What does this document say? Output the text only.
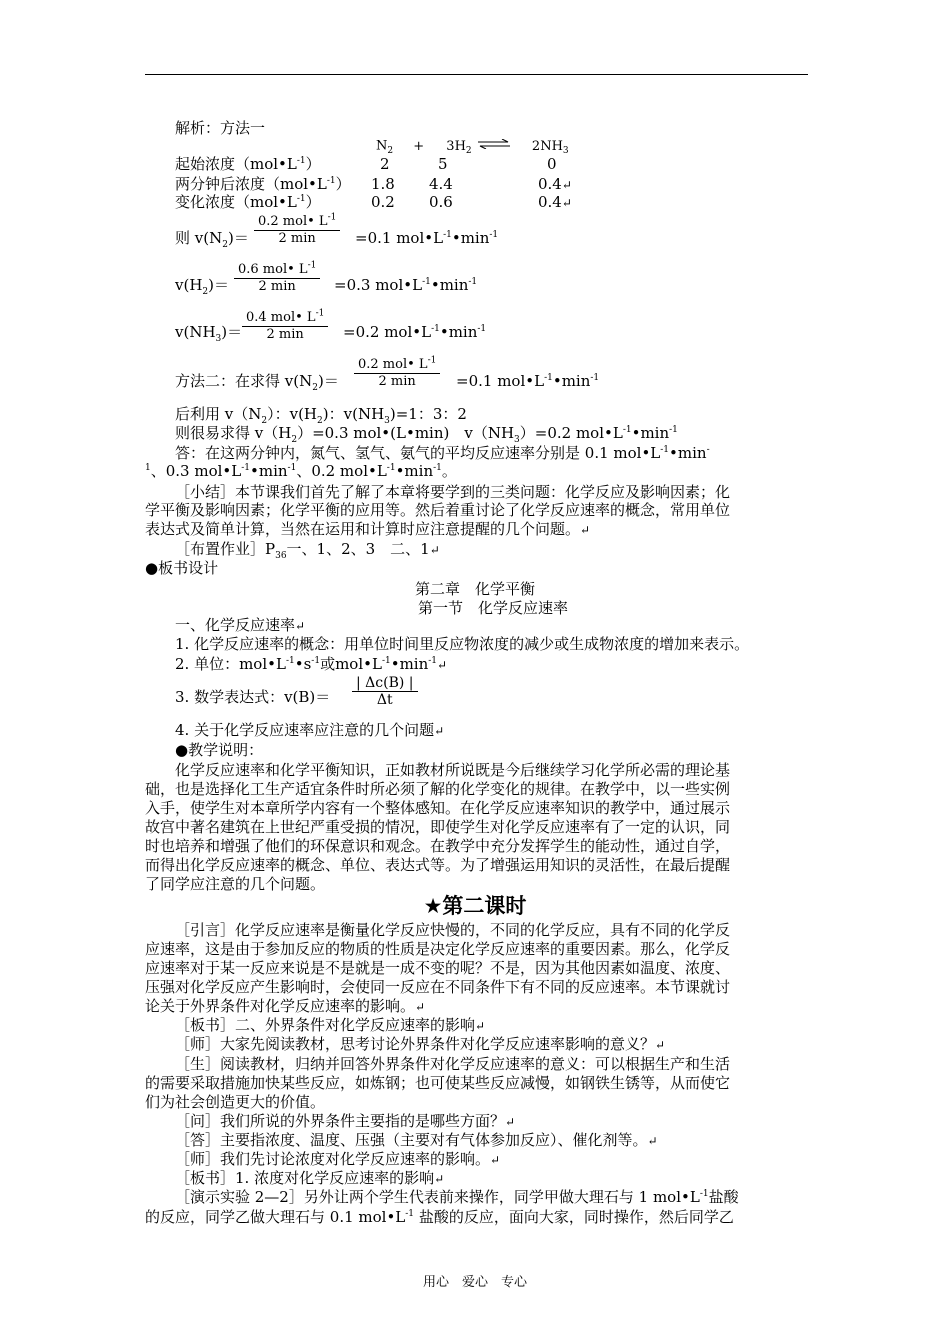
解析：方法一
$N_2 + 3H_2$ ⇌ $2NH_3$
起始浓度$(mol•L^{-1})$	2	5	0
两分钟后浓度$(mol•L^{-1})$ 1.8 4.4	0.4↵
变化浓度$(mol•L^{-1})$	0.2 0.6	0.4↵
则 $v(N_2)=$
0.2 mol• $L^{-1}$
2 min	=0.1 $mol•L^{-1}•\min^{-1}$
$v(H_2)=$
0.6 mol• $L^{-1}$
2 min	=0.3 $mol•L^{-1}•\min^{-1}$
$v(NH_3)=$
0.4 mol• $L^{-1}$
2 min	=0.2 $mol•L^{-1}•\min^{-1}$
方法二：在求得 $v(N_2)=$
0.2 mol• $L^{-1}$
2 min	=0.1 $mol•L^{-1}•\min^{-1}$
后利用 $v(N_2)$：$v(H_2)$：$v(NH_3)=1$：3：2
则很易求得 $v(H_2)=0.3$ mol•(L•min)　$v(NH_3)=0.2$ $mol•L^{-1}•\min^{-1}$
答：在这两分钟内，氮气、氢气、氨气的平均反应速率分别是 0.1 $mol•L^{-1}•\min^-$
$^1$、0.3 $mol•L^{-1}•\min^{-1}$、0.2 $mol•L^{-1}•\min^{-1}$。
［小结］本节课我们首先了解了本章将要学到的三类问题：化学反应及影响因素；化
学平衡及影响因素；化学平衡的应用等。然后着重讨论了化学反应速率的概念，常用单位
表达式及简单计算，当然在运用和计算时应注意提醒的几个问题。↵
［布置作业$]P_{36}$一、1、2、3　二、1↵
●板书设计
第二章　化学平衡
第一节　化学反应速率
一、化学反应速率↵
1. 化学反应速率的概念：用单位时间里反应物浓度的减少或生成物浓度的增加来表示。
2. 单位：$mol•L^{-1}•s^{-1}$或$mol•L^{-1}•\min^{-1}↵$
3. 数学表达式：$v(B)= \frac{| \Delta c(B) |}{\Delta t}$
4. 关于化学反应速率应注意的几个问题↵
●教学说明：
化学反应速率和化学平衡知识，正如教材所说既是今后继续学习化学所必需的理论基
础，也是选择化工生产适宜条件时所必须了解的化学变化的规律。在教学中，以一些实例
入手，使学生对本章所学内容有一个整体感知。在化学反应速率知识的教学中，通过展示
故宫中著名建筑在上世纪严重受损的情况，即使学生对化学反应速率有了一定的认识，同
时也培养和增强了他们的环保意识和观念。在教学中充分发挥学生的能动性，通过自学，
而得出化学反应速率的概念、单位、表达式等。为了增强运用知识的灵活性，在最后提醒
了同学应注意的几个问题。
★第二课时
［引言］化学反应速率是衡量化学反应快慢的，不同的化学反应，具有不同的化学反
应速率，这是由于参加反应的物质的性质是决定化学反应速率的重要因素。那么，化学反
应速率对于某一反应来说是不是就是一成不变的呢？不是，因为其他因素如温度、浓度、
压强对化学反应产生影响时，会使同一反应在不同条件下有不同的反应速率。本节课就讨
论关于外界条件对化学反应速率的影响。↵
［板书］二、外界条件对化学反应速率的影响↵
［师］大家先阅读教材，思考讨论外界条件对化学反应速率影响的意义？↵
［生］阅读教材，归纳并回答外界条件对化学反应速率的意义：可以根据生产和生活
的需要采取措施加快某些反应，如炼钢；也可使某些反应减慢，如钢铁生锈等，从而使它
们为社会创造更大的价值。
［问］我们所说的外界条件主要指的是哪些方面？↵
［答］主要指浓度、温度、压强（主要对有气体参加反应）、催化剂等。↵
［师］我们先讨论浓度对化学反应速率的影响。↵
［板书］1. 浓度对化学反应速率的影响↵
［演示实验 2—2］另外让两个学生代表前来操作，同学甲做大理石与 1 $mol•L^{-1}$盐酸
的反应，同学乙做大理石与 0.1 $mol•L^{-1}$ 盐酸的反应，面向大家，同时操作，然后同学乙
用心　爱心　专心
